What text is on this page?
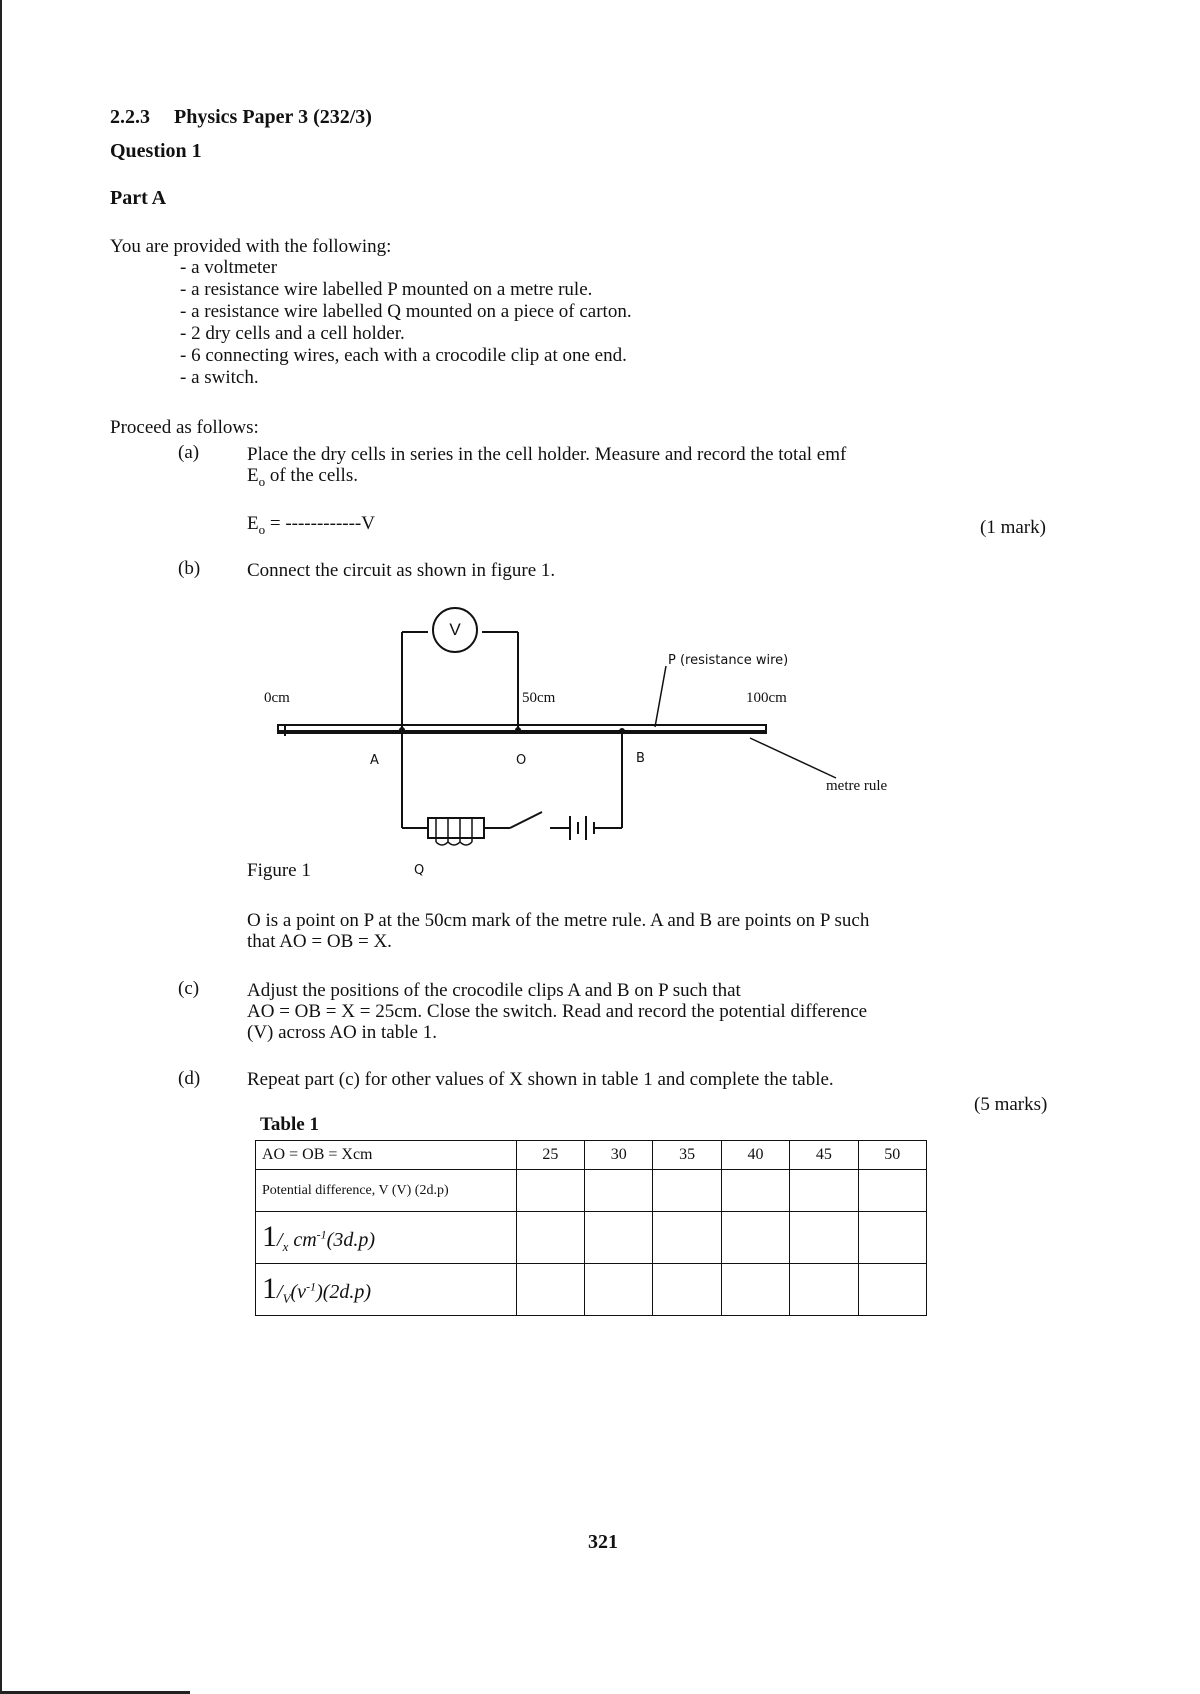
2.2.3 Physics Paper 3 (232/3)
Question 1
Part A
You are provided with the following:
- a voltmeter
- a resistance wire labelled P mounted on a metre rule.
- a resistance wire labelled Q mounted on a piece of carton.
- 2 dry cells and a cell holder.
- 6 connecting wires, each with a crocodile clip at one end.
- a switch.
Proceed as follows:
(a)	Place the dry cells in series in the cell holder. Measure and record the total emf
$E_o$ of the cells.
$E_o = ------------V$	(1 mark)
(b) Connect the circuit as shown in figure 1.
V
0cm	50cm	100cm
P (resistance wire)
A	O	B
metre rule
Q
Figure 1
O is a point on P at the 50cm mark of the metre rule. A and B are points on P such
that AO = OB = X.
(c)	Adjust the positions of the crocodile clips A and B on P such that
AO = OB = X = 25cm. Close the switch. Read and record the potential difference
(V) across AO in table 1.
(d) Repeat part (c) for other values of X shown in table 1 and complete the table.
(5 marks)
Table 1
AO = OB = Xcm	25	30	35	40	45	50
Potential difference, V (V) (2d.p)						
$1/_x$ $cm^{-1}(3d.p)$						
$1/_V(v^{-1})(2d.p)$						
321
